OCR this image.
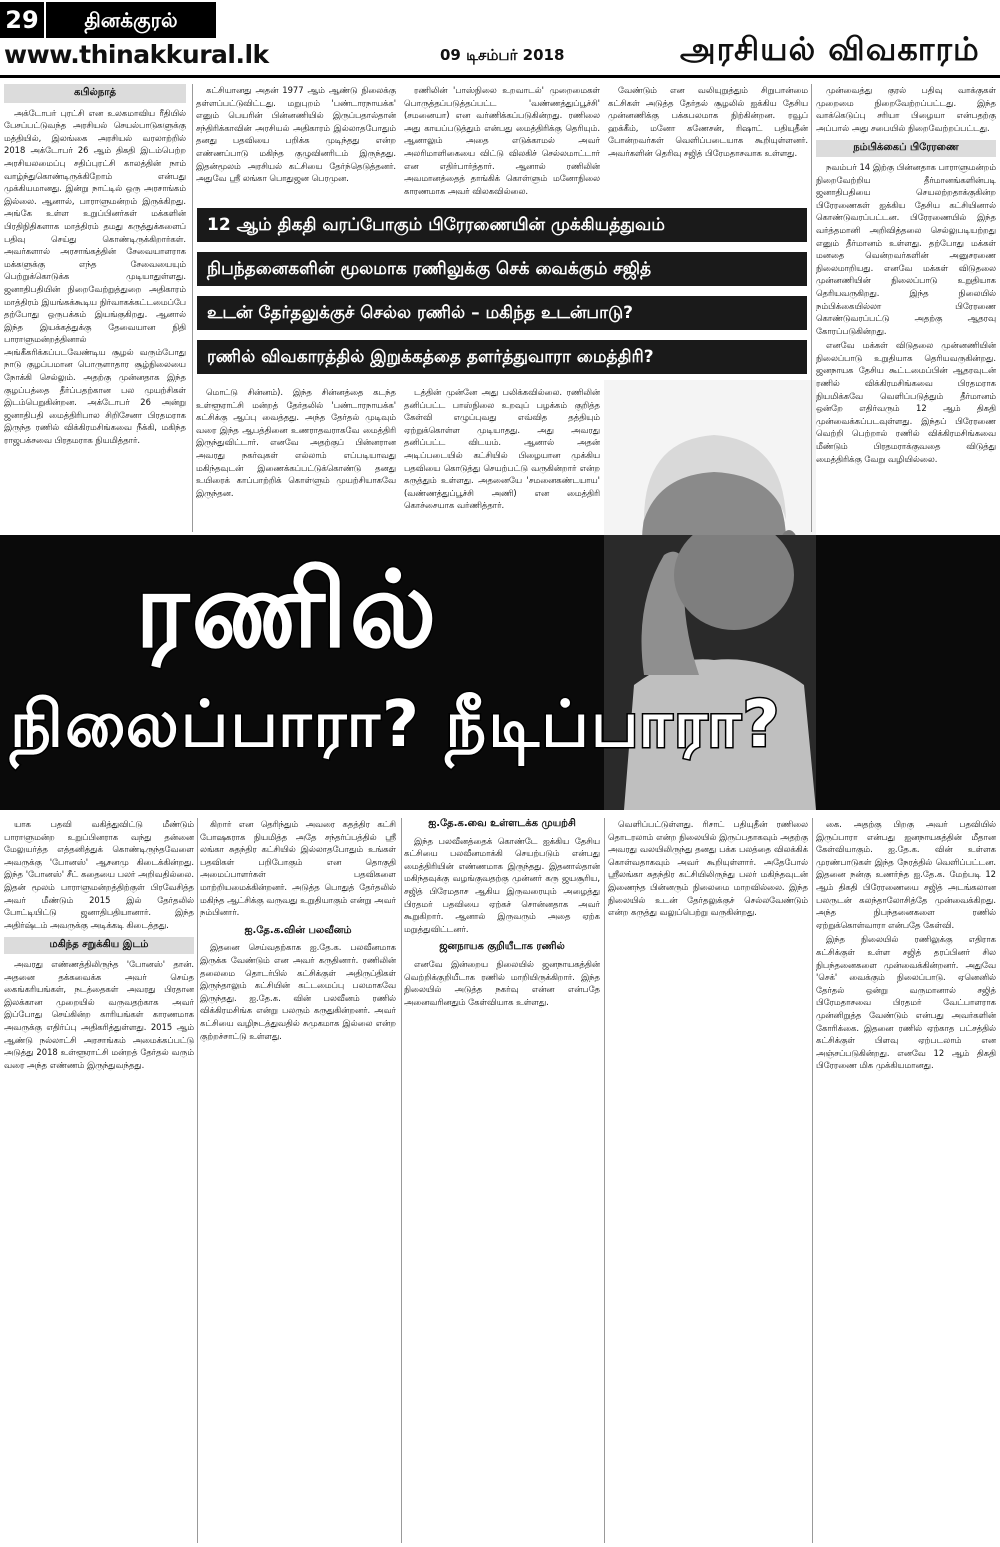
29	தினக்குரல்
www.thinakkural.lk	09 டிசம்பர் 2018	அரசியல் விவகாரம்
கபில்நாத்

அக்டோபர் புரட்சி என உலகமாவிய ரீதியில் பேசப்பட்டுவந்த அரசியல் செயல்பாடுகளுக்கு மத்தியில், இலங்கை அரசியல் வரலாற்றில் 2018 அக்டோபர் 26 ஆம் திகதி இடம்பெற்ற அரசியலமைப்பு சதிப்புரட்சி காலத்தின் நாம் வாழ்ந்துகொண்டிருக்கிறோம் என்பது முக்கியமானது. இன்று நாட்டில் ஒரு அரசாங்கம் இல்லை. ஆனால், பாராளுமன்றம் இருக்கிறது. அங்கே உள்ள உறுப்பினர்கள் மக்களின் பிரதிநிதிகளாக மாத்திரம் தமது கருத்துக்களைப் பதிவு செய்து கொண்டிருக்கிறார்கள். அவர்களால் அரசாங்கத்தின் சேவையாளராக மக்களுக்கு எந்த சேவையையும் பெற்றுக்கொடுக்க முடியாதுள்ளது. ஜனாதிபதியின் நிறைவேற்றுத்துறை அதிகாரம் மாத்திரம் இயங்கக்கூடிய நிர்வாகக்கட்டமைப்பே தற்போது ஒருபக்கம் இயங்குகிறது. ஆனால் இந்த இயக்கத்துக்கு தேவையான நிதி பாராளுமன்றத்தினால் அங்கீகரிக்கப்படவேண்டிய சூழல் வரும்போது நாடு குழப்பமான பொருளாதார சூழ்நிலையை நோக்கி செல்லும். அதற்கு முன்னதாக இந்த குழப்பத்தை தீர்ப்பதற்கான பல முயற்சிகள் இடம்பெறுகின்றன. அக்டோபர் 26 அன்று ஜனாதிபதி மைத்திரிபால சிறிசேனா பிரதமராக இருந்த ரணில் விக்கிரமசிங்கவை நீக்கி, மகிந்த ராஜபக்சவை பிரதமராக நியமித்தார்.

கட்சியானது அதன் 1977 ஆம் ஆண்டு நிலைக்கு தள்ளப்பட்டுவிட்டது. மறுபுறம் 'பண்டாரநாயக்க' எனும் பெயரின் பின்னணியில் இருப்பதால்தான் சந்திரிக்காவின் அரசியல் அதிகாரம் இல்லாதபோதும் தனது பதவியை பறிக்க முடிந்தது என்ற எண்ணப்பாடு மகிந்த குழுவினரிடம் இருந்தது. இதன்மூலம் அரசியல் கட்சியை தேர்ந்தெடுத்தனர். அதுவே ஸ்ரீ லங்கா பொதுஜன பெரமுன.

ரணிலின் 'பாஸ்நிலை உறவாடல்' முறைமைகள் பொருத்தப்படுத்தப்பட்ட 'வண்ணத்துப்பூச்சி' (சமனையா) என வர்ணிக்கப்படுகின்றது. ரணிலை அது காயப்படுத்தும் என்பது மைத்திரிக்கு தெரியும். ஆனாலும் அதை எடுக்காமல் அவர் அலரிமாளிகையை விட்டு விலகிச் செல்லமாட்டார் என எதிர்பார்த்தார். ஆனால் ரணிலின் அவமானத்தைத் தாங்கிக் கொள்ளும் மனோநிலை காரணமாக அவர் விலகவில்லை.

வேண்டும் என வலியுறுத்தும் சிறுபான்மை கட்சிகள் அடுத்த தேர்தல் சூழலில் ஐக்கிய தேசிய முன்னணிக்கு பக்கபலமாக நிற்கின்றன. ரவூப் ஹக்கீம், மனோ கணேசன், ரிஷாட் பதியுதீன் போன்றவர்கள் வெளிப்படையாக கூறியுள்ளனர். அவர்களின் தெரிவு சஜித் பிரேமதாசவாக உள்ளது.

முன்வைத்து குரல் பதிவு வாக்குகள் முறைமை நிறைவேற்றப்பட்டது. இந்த வாக்கெடுப்பு சரியா பிழையா என்பதற்கு அப்பால் அது சபையில் நிறைவேற்றப்பட்டது.

நம்பிக்கைப் பிரேரணை

நவம்பர் 14 இற்கு பின்னதாக பாராளுமன்றம் நிறைவேற்றிய தீர்மானங்களின்படி ஜனாதிபதியை செயலற்றதாக்குகின்ற பிரேரணைகள் ஐக்கிய தேசிய கட்சியினால் கொண்டுவரப்பட்டன. பிரேரணையில் இந்த வர்த்தமானி அறிவித்தலை செல்லுபடியற்றது எனும் தீர்மானம் உள்ளது. தற்போது மக்கள் மனதை வென்றவர்களின் அனுசரணை நிலைமாறியது. எனவே மக்கள் விடுதலை முன்னணியின் நிலைப்பாடு உறுதியாக தெரியவருகிறது. இந்த நிலையில் நம்பிக்கையில்லா பிரேரணை கொண்டுவரப்பட்டு அதற்கு ஆதரவு கோரப்படுகின்றது.

எனவே மக்கள் விடுதலை முன்னணியின் நிலைப்பாடு உறுதியாக தெரியவருகின்றது. ஜனநாயக தேசிய கூட்டமைப்பின் ஆதரவுடன் ரணில் விக்கிரமசிங்கவை பிரதமராக நியமிக்கவே வெளிப்படுத்தும் தீர்மானம் ஒன்றே எதிர்வரும் 12 ஆம் திகதி முன்வைக்கப்படவுள்ளது. இந்தப் பிரேரணை வெற்றி பெற்றால் ரணில் விக்கிரமசிங்கவை மீண்டும் பிரதமராக்குவதை விடுத்து மைத்திரிக்கு வேறு வழியில்லை.

12 ஆம் திகதி வரப்போகும் பிரேரணையின் முக்கியத்துவம்
நிபந்தனைகளின் மூலமாக ரணிலுக்கு செக் வைக்கும் சஜித்
உடன் தேர்தலுக்குச் செல்ல ரணில் – மகிந்த உடன்பாடு?
ரணில் விவகாரத்தில் இறுக்கத்தை தளர்த்துவாரா மைத்திரி?

மொட்டு சின்னம்). இந்த சின்னத்தை கடந்த உள்ளூராட்சி மன்றத் தேர்தலில் 'பண்டாரநாயக்க' கட்சிக்கு ஆப்பு வைத்தது. அந்த தேர்தல் முடிவும் வரை இந்த ஆபத்தினை உணராதவராகவே மைத்திரி இருந்துவிட்டார். எனவே அதற்குப் பின்னரான அவரது நகர்வுகள் எல்லாம் எப்படியாவது மகிந்தவுடன் இணைக்கப்பட்டுக்கொண்டு தனது உயிரைக் காப்பாற்றிக் கொள்ளும் முயற்சியாகவே இருந்தன.

டத்தின் முன்னே அது பலிக்கவில்லை. ரணிலின் தனிப்பட்ட பாஸ்நிலை உறவுப் பழக்கம் குறித்த கேள்வி எழுப்புவது எவ்வித தத்தியும் ஏற்றுக்கொள்ள முடியாதது. அது அவரது தனிப்பட்ட விடயம். ஆனால் அதன் அடிப்படையில் கட்சியில் பிழையான முக்கிய பதவியை கொடுத்து செயற்பட்டு வருகின்றார் என்ற கருத்தும் உள்ளது. அதனையே 'சமனைகண்டயாய' (வண்ணத்துப்பூச்சி அணி) என மைத்திரி கொச்சையாக வர்ணித்தார்.

ரணில்
நிலைப்பாரா? நீடிப்பாரா?

யாக பதவி வகித்துவிட்டு மீண்டும் பாராளுமன்ற உறுப்பினராக வந்து தன்னை மேலுயர்த்த எத்தனித்துக் கொண்டிருந்தவேளை அவருக்கு 'போனஸ்' ஆசனமு கிடைக்கின்றது. இந்த 'போனஸ்' சீட் கதையை பலர் அறிவதில்லை. இதன் மூலம் பாராளுமன்றத்திற்குள் பிரவேசித்த அவர் மீண்டும் 2015 இல் தேர்தலில் போட்டியிட்டு ஜனாதிபதியானார். இந்த அதிர்ஷ்டம் அவருக்கு அடிக்கடி கிடைத்தது.

மகிந்த சறுக்கிய இடம்

அவரது எண்ணத்திலிருந்த 'போனஸ்' தான். அதனை தக்கவைக்க அவர் செய்த கைங்கரியங்கள், நடத்தைகள் அவரது பிரதான இலக்கான முறையில் வருவதற்காக அவர் இப்போது செய்கின்ற காரியங்கள் காரணமாக அவருக்கு எதிர்ப்பு அதிகரித்துள்ளது. 2015 ஆம் ஆண்டு நல்லாட்சி அரசாங்கம் அமைக்கப்பட்டு அடுத்து 2018 உள்ளூராட்சி மன்றத் தேர்தல் வரும் வரை அந்த எண்ணம் இருந்துவந்தது.

கிறார் என தெரிந்தும் அவரை கதத்திர கட்சி போஷகராக நியமித்த அதே சந்தர்ப்பத்தில் ஸ்ரீ லங்கா சுதந்திர கட்சியில் இல்லாதபோதும் உங்கள் பதவிகள் பறிபோகும் என தொகுதி அமைப்பாளர்கள் பதவிகளை மாற்றியமைக்கின்றனர். அடுத்த பொதுத் தேர்தலில் மகிந்த ஆட்சிக்கு வருவது உறுதியாகும் என்று அவர் நம்பினார்.

ஐ.தே.க.வின் பலவீனம்

இதனை செய்வதற்காக ஐ.தே.க. பலவீனமாக இருக்க வேண்டும் என அவர் கருதினார். ரணிலின் தலைமை தொடர்பில் கட்சிக்குள் அதிருப்திகள் இருந்தாலும் கட்சியின் கட்டமைப்பு பலமாகவே இருந்தது. ஐ.தே.க. வின் பலவீனம் ரணில் விக்கிரமசிங்க என்று பலரும் கருதுகின்றனர். அவர் கட்சியை வழிநடத்துவதில் சுமுகமாக இல்லை என்ற குற்றச்சாட்டு உள்ளது.

ஐ.தே.க.வை உள்ளடக்க முயற்சி

இந்த பலவீனத்தைக் கொண்டே ஐக்கிய தேசிய கட்சியை பலவீனமாக்கி செயற்படும் என்பது மைத்திரியின் எண்ணமாக இருந்தது. இதனால்தான் மகிந்தவுக்கு வழங்குவதற்கு முன்னர் கரு ஜயசூரிய, சஜித் பிரேமதாச ஆகிய இருவரையும் அழைத்து பிரதமர் பதவியை ஏற்கச் சொன்னதாக அவர் கூறுகிறார். ஆனால் இருவரும் அதை ஏற்க மறுத்துவிட்டனர்.

ஜனநாயக குறியீடாக ரணில்

எனவே இன்றைய நிலையில் ஜனநாயகத்தின் வெற்றிக்குறியீடாக ரணில் மாறியிருக்கிறார். இந்த நிலையில் அடுத்த நகர்வு என்ன என்பதே அனைவரினதும் கேள்வியாக உள்ளது.

வெளிப்பட்டுள்ளது. ரிசாட் பதியுதீன் ரணிலை தொடரலாம் என்ற நிலையில் இருப்பதாகவும் அதற்கு அவரது வலயிலிருந்து தனது பக்க பலத்தை விலக்கிக் கொள்வதாகவும் அவர் கூறியுள்ளார். அதேபோல் ஸ்ரீலங்கா சுதந்திர கட்சியிலிருந்து பலர் மகிந்தவுடன் இணைந்த பின்னரும் நிலைமை மாறவில்லை. இந்த நிலையில் உடன் தேர்தலுக்குச் செல்லவேண்டும் என்ற கருத்து வலுப்பெற்று வருகின்றது.

கை. அதற்கு பிறகு அவர் பதவியில் இருப்பாரா என்பது ஐனநாயகத்தின் மீதான கேள்வியாகும். ஐ.தே.க. வின் உள்ளக முரண்பாடுகள் இந்த நேரத்தில் வெளிப்பட்டன. இதனை நன்கு உணர்ந்த ஐ.தே.க. மேற்படி 12 ஆம் திகதி பிரேரணையை சஜித் அடங்கலான பலருடன் கலந்தாலோசித்தே முன்வைக்கிறது. அந்த நிபந்தனைகளை ரணில் ஏற்றுக்கொள்வாரா என்பதே கேள்வி.

இந்த நிலையில் ரணிலுக்கு எதிராக கட்சிக்குள் உள்ள சஜித் தரப்பினர் சில நிபந்தனைகளை முன்வைக்கின்றனர். அதுவே 'செக்' வைக்கும் நிலைப்பாடு. ஏனெனில் தேர்தல் ஒன்று வருமானால் சஜித் பிரேமதாசவை பிரதமர் வேட்பாளராக முன்னிறுத்த வேண்டும் என்பது அவர்களின் கோரிக்கை. இதனை ரணில் ஏற்காத பட்சத்தில் கட்சிக்குள் பிளவு ஏற்படலாம் என அஞ்சப்படுகின்றது. எனவே 12 ஆம் திகதி பிரேரணை மிக முக்கியமானது.
